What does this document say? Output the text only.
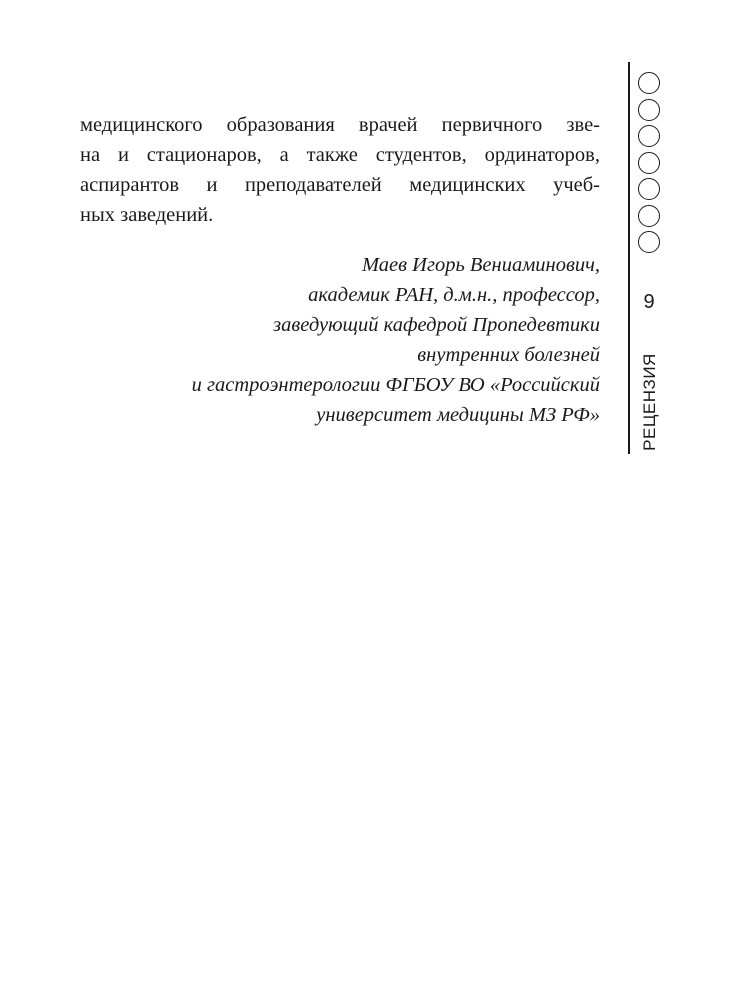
медицинского образования врачей первичного зве-
на и стационаров, а также студентов, ординаторов,
аспирантов и преподавателей медицинских учеб-
ных заведений.
Маев Игорь Вениаминович,
академик РАН, д.м.н., профессор,
заведующий кафедрой Пропедевтики
внутренних болезней
и гастроэнтерологии ФГБОУ ВО «Российский
университет медицины МЗ РФ»
9
РЕЦЕНЗИЯ
